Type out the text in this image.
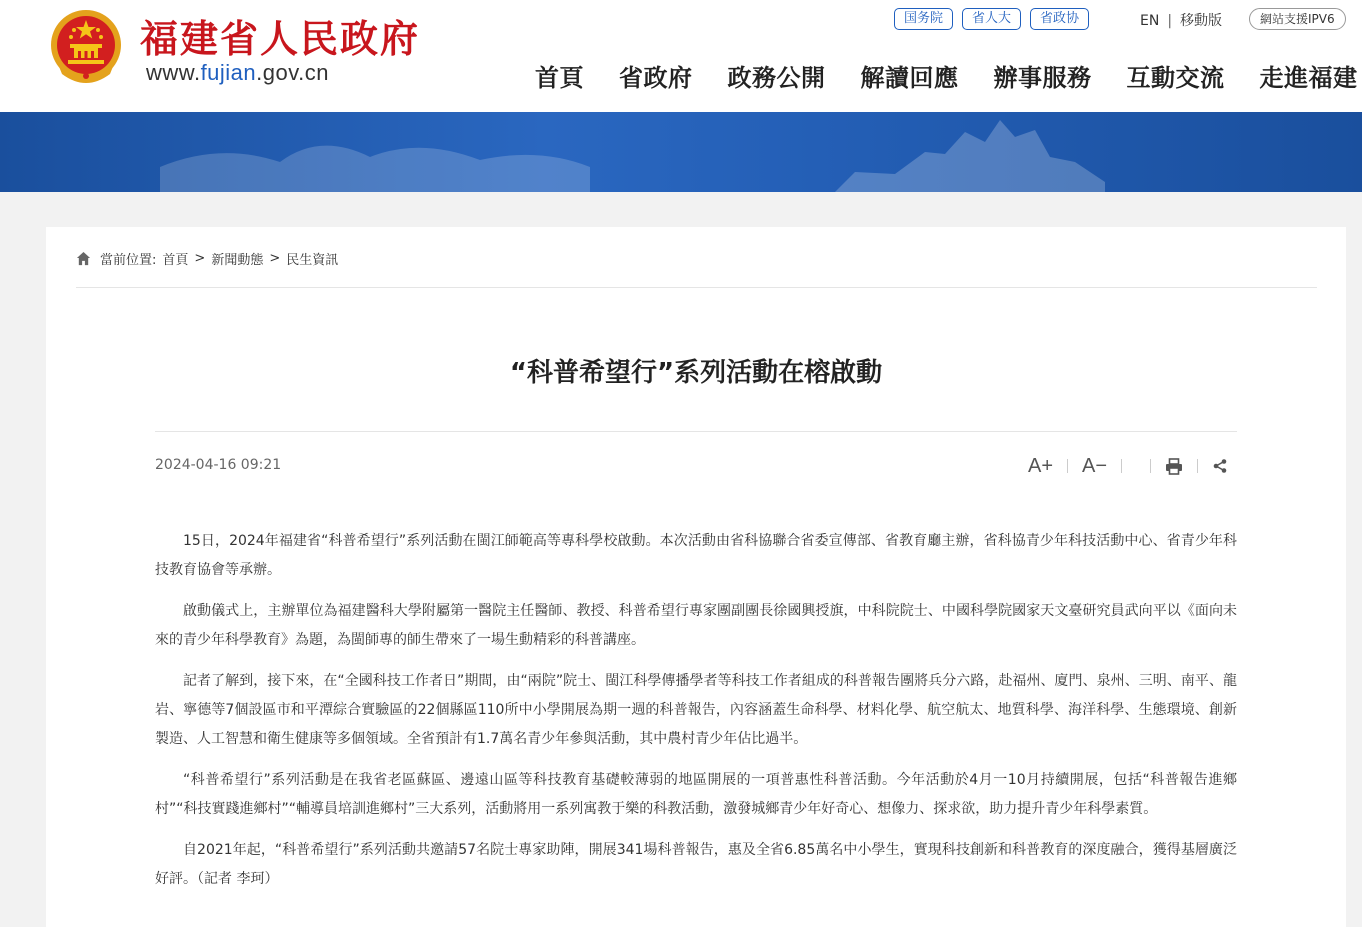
福建省人民政府
www.fujian.gov.cn
国务院	省人大	省政协	EN | 移動版	網站支援IPV6
首頁 省政府 政務公開 解讀回應 辦事服務 互動交流 走進福建
當前位置: 首頁 > 新聞動態 > 民生資訊
“科普希望行”系列活動在榕啟動
2024-04-16 09:21	A+ A−

15日，2024年福建省“科普希望行”系列活動在閩江師範高等專科學校啟動。本次活動由省科協聯合省委宣傳部、省教育廳主辦，省科協青少年科技活動中心、省青少年科技教育協會等承辦。

啟動儀式上，主辦單位為福建醫科大學附屬第一醫院主任醫師、教授、科普希望行專家團副團長徐國興授旗，中科院院士、中國科學院國家天文臺研究員武向平以《面向未來的青少年科學教育》為題，為閩師專的師生帶來了一場生動精彩的科普講座。

記者了解到，接下來，在“全國科技工作者日”期間，由“兩院”院士、閩江科學傳播學者等科技工作者組成的科普報告團將兵分六路，赴福州、廈門、泉州、三明、南平、龍岩、寧德等7個設區市和平潭綜合實驗區的22個縣區110所中小學開展為期一週的科普報告，內容涵蓋生命科學、材料化學、航空航太、地質科學、海洋科學、生態環境、創新製造、人工智慧和衛生健康等多個領域。全省預計有1.7萬名青少年參與活動，其中農村青少年佔比過半。

“科普希望行”系列活動是在我省老區蘇區、邊遠山區等科技教育基礎較薄弱的地區開展的一項普惠性科普活動。今年活動於4月一10月持續開展，包括“科普報告進鄉村”“科技實踐進鄉村”“輔導員培訓進鄉村”三大系列，活動將用一系列寓教于樂的科教活動，激發城鄉青少年好奇心、想像力、探求欲，助力提升青少年科學素質。

自2021年起，“科普希望行”系列活動共邀請57名院士專家助陣，開展341場科普報告，惠及全省6.85萬名中小學生，實現科技創新和科普教育的深度融合，獲得基層廣泛好評。（記者 李珂）
